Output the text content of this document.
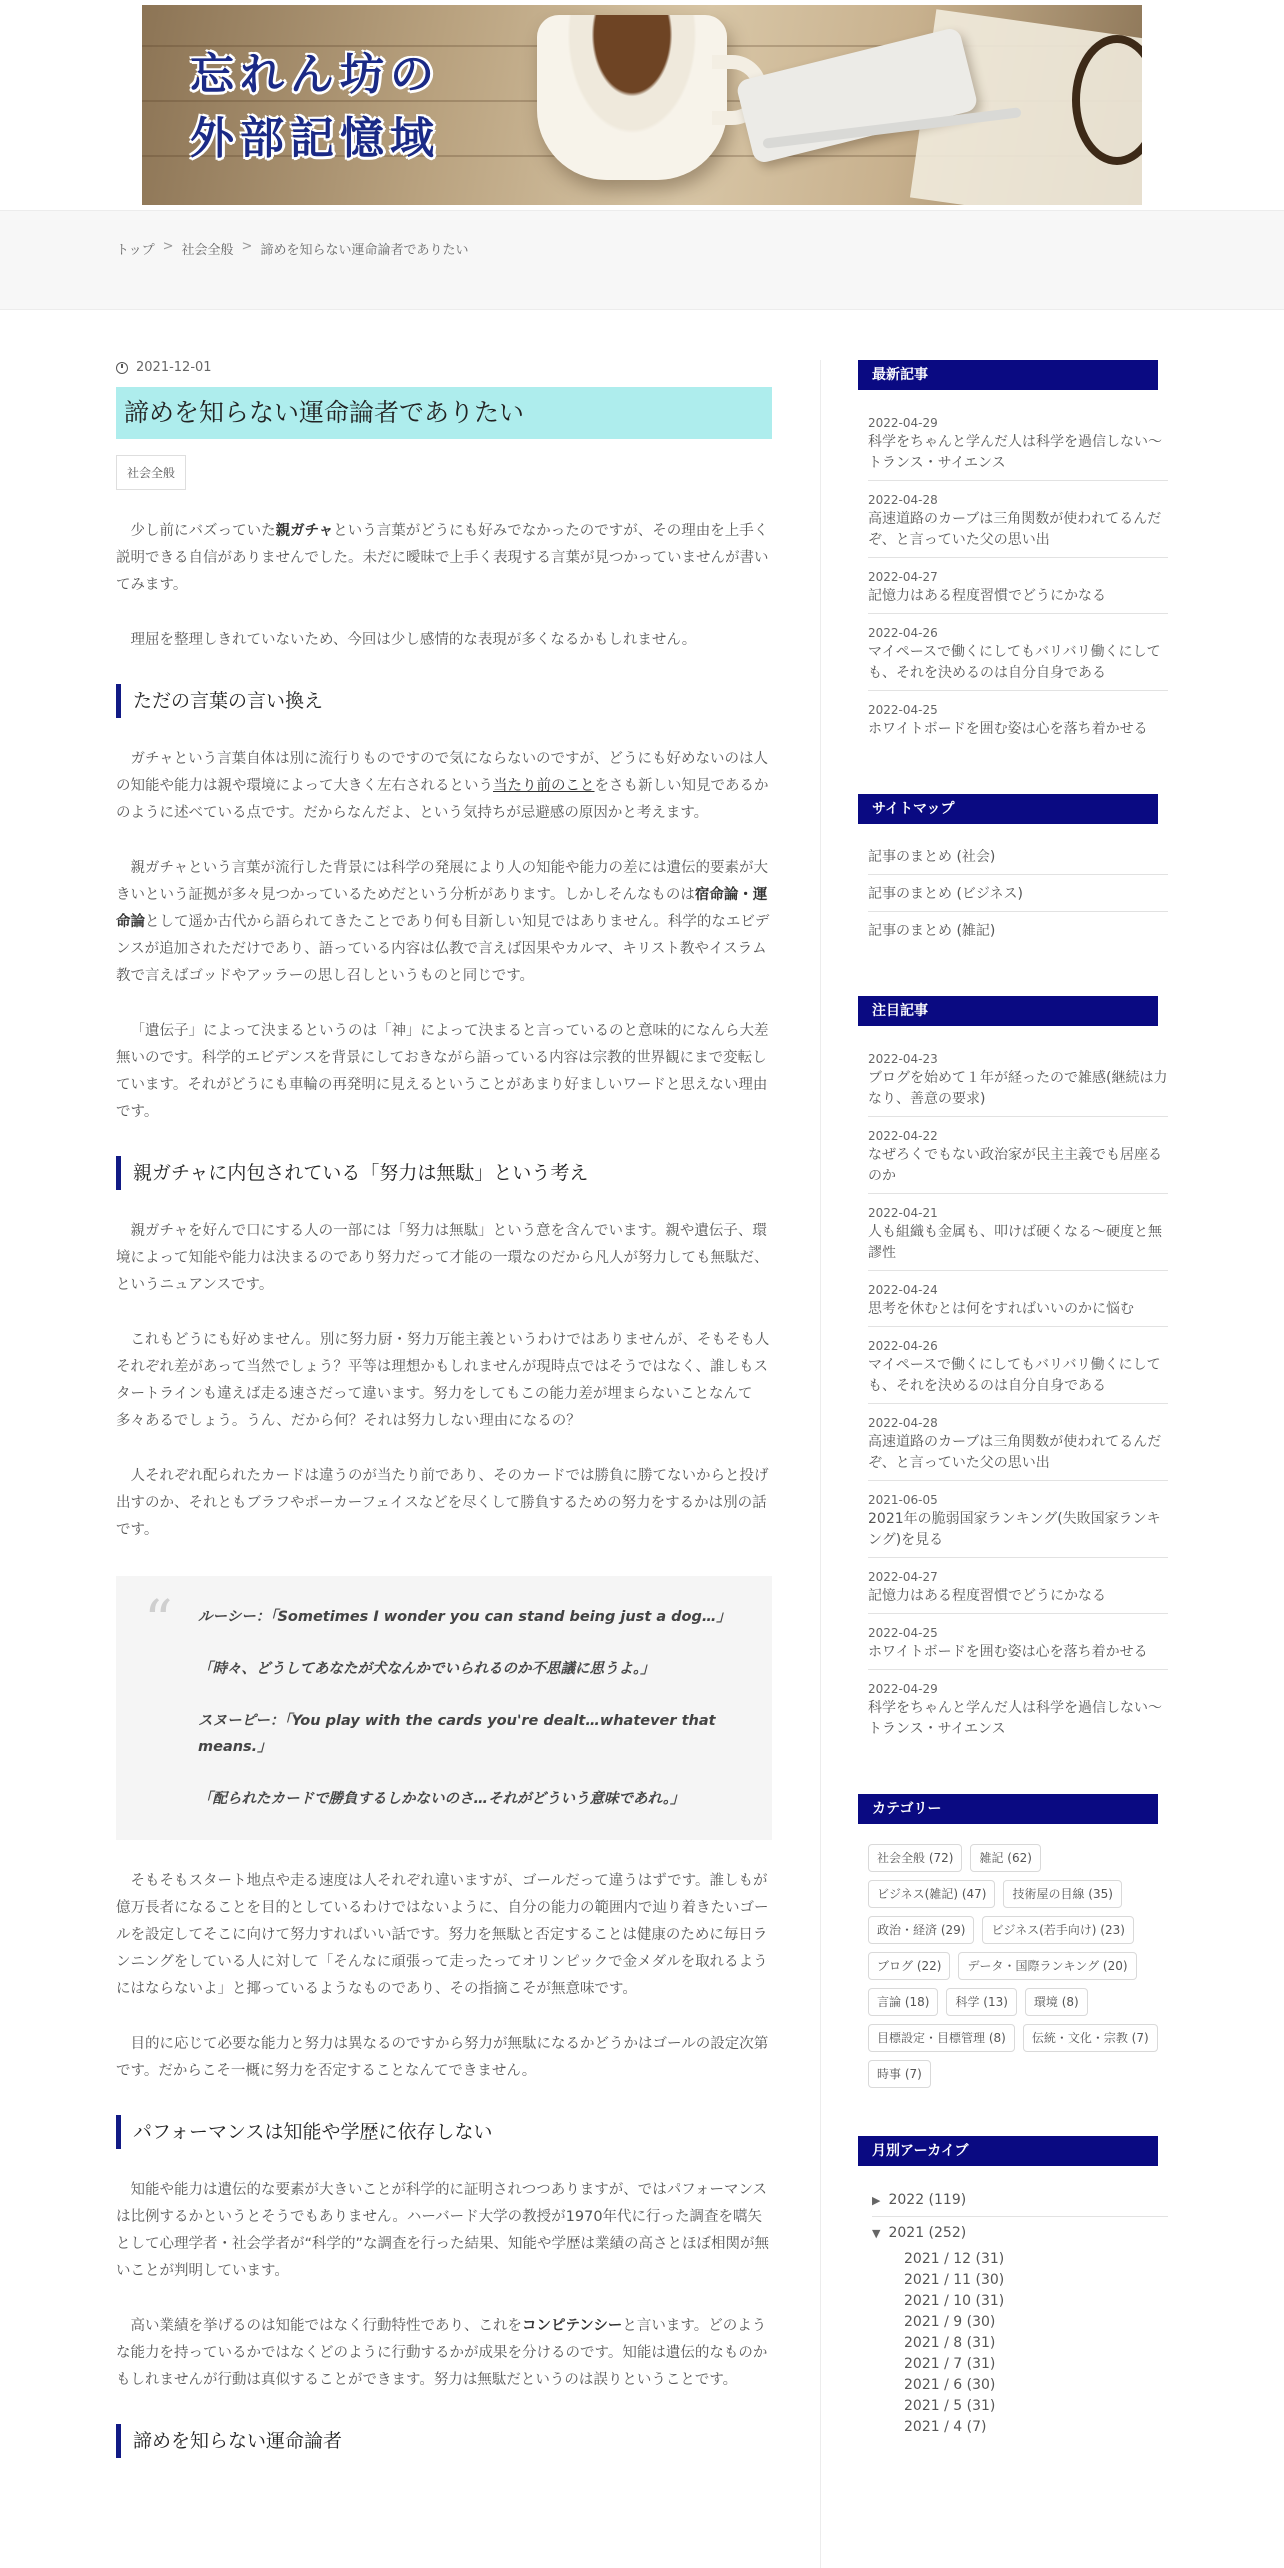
忘れん坊の
外部記憶域
トップ > 社会全般 > 諦めを知らない運命論者でありたい
2021-12-01
諦めを知らない運命論者でありたい
社会全般

少し前にバズっていた親ガチャという言葉がどうにも好みでなかったのですが、その理由を上手く説明できる自信がありませんでした。未だに曖昧で上手く表現する言葉が見つかっていませんが書いてみます。

理屈を整理しきれていないため、今回は少し感情的な表現が多くなるかもしれません。

ただの言葉の言い換え

ガチャという言葉自体は別に流行りものですので気にならないのですが、どうにも好めないのは人の知能や能力は親や環境によって大きく左右されるという当たり前のことをさも新しい知見であるかのように述べている点です。だからなんだよ、という気持ちが忌避感の原因かと考えます。

親ガチャという言葉が流行した背景には科学の発展により人の知能や能力の差には遺伝的要素が大きいという証拠が多々見つかっているためだという分析があります。しかしそんなものは宿命論・運命論として遥か古代から語られてきたことであり何も目新しい知見ではありません。科学的なエビデンスが追加されただけであり、語っている内容は仏教で言えば因果やカルマ、キリスト教やイスラム教で言えばゴッドやアッラーの思し召しというものと同じです。

「遺伝子」によって決まるというのは「神」によって決まると言っているのと意味的になんら大差無いのです。科学的エビデンスを背景にしておきながら語っている内容は宗教的世界観にまで変転しています。それがどうにも車輪の再発明に見えるということがあまり好ましいワードと思えない理由です。

親ガチャに内包されている「努力は無駄」という考え

親ガチャを好んで口にする人の一部には「努力は無駄」という意を含んでいます。親や遺伝子、環境によって知能や能力は決まるのであり努力だって才能の一環なのだから凡人が努力しても無駄だ、というニュアンスです。

これもどうにも好めません。別に努力厨・努力万能主義というわけではありませんが、そもそも人それぞれ差があって当然でしょう？平等は理想かもしれませんが現時点ではそうではなく、誰しもスタートラインも違えば走る速さだって違います。努力をしてもこの能力差が埋まらないことなんて多々あるでしょう。うん、だから何？それは努力しない理由になるの？

人それぞれ配られたカードは違うのが当たり前であり、そのカードでは勝負に勝てないからと投げ出すのか、それともブラフやポーカーフェイスなどを尽くして勝負するための努力をするかは別の話です。

“ ルーシー：「Sometimes I wonder you can stand being just a dog…」

「時々、どうしてあなたが犬なんかでいられるのか不思議に思うよ。」

スヌーピー：「You play with the cards you're dealt…whatever that means.」

「配られたカードで勝負するしかないのさ…それがどういう意味であれ。」

そもそもスタート地点や走る速度は人それぞれ違いますが、ゴールだって違うはずです。誰しもが億万長者になることを目的としているわけではないように、自分の能力の範囲内で辿り着きたいゴールを設定してそこに向けて努力すればいい話です。努力を無駄と否定することは健康のために毎日ランニングをしている人に対して「そんなに頑張って走ったってオリンピックで金メダルを取れるようにはならないよ」と揶っているようなものであり、その指摘こそが無意味です。

目的に応じて必要な能力と努力は異なるのですから努力が無駄になるかどうかはゴールの設定次第です。だからこそ一概に努力を否定することなんてできません。

パフォーマンスは知能や学歴に依存しない

知能や能力は遺伝的な要素が大きいことが科学的に証明されつつありますが、ではパフォーマンスは比例するかというとそうでもありません。ハーバード大学の教授が1970年代に行った調査を嚆矢として心理学者・社会学者が“科学的”な調査を行った結果、知能や学歴は業績の高さとほぼ相関が無いことが判明しています。

高い業績を挙げるのは知能ではなく行動特性であり、これをコンピテンシーと言います。どのような能力を持っているかではなくどのように行動するかが成果を分けるのです。知能は遺伝的なものかもしれませんが行動は真似することができます。努力は無駄だというのは誤りということです。

諦めを知らない運命論者
最新記事
2022-04-29
科学をちゃんと学んだ人は科学を過信しない～トランス・サイエンス
2022-04-28
高速道路のカーブは三角関数が使われてるんだぞ、と言っていた父の思い出
2022-04-27
記憶力はある程度習慣でどうにかなる
2022-04-26
マイペースで働くにしてもバリバリ働くにしても、それを決めるのは自分自身である
2022-04-25
ホワイトボードを囲む姿は心を落ち着かせる
サイトマップ
記事のまとめ (社会)
記事のまとめ (ビジネス)
記事のまとめ (雑記)
注目記事
2022-04-23
ブログを始めて１年が経ったので雑感(継続は力なり、善意の要求)
2022-04-22
なぜろくでもない政治家が民主主義でも居座るのか
2022-04-21
人も組織も金属も、叩けば硬くなる～硬度と無謬性
2022-04-24
思考を休むとは何をすればいいのかに悩む
2022-04-26
マイペースで働くにしてもバリバリ働くにしても、それを決めるのは自分自身である
2022-04-28
高速道路のカーブは三角関数が使われてるんだぞ、と言っていた父の思い出
2021-06-05
2021年の脆弱国家ランキング(失敗国家ランキング)を見る
2022-04-27
記憶力はある程度習慣でどうにかなる
2022-04-25
ホワイトボードを囲む姿は心を落ち着かせる
2022-04-29
科学をちゃんと学んだ人は科学を過信しない～トランス・サイエンス
カテゴリー
社会全般 (72)	雑記 (62)
ビジネス(雑記) (47)	技術屋の目線 (35)
政治・経済 (29)	ビジネス(若手向け) (23)
ブログ (22)	データ・国際ランキング (20)
言論 (18)	科学 (13)	環境 (8)
目標設定・目標管理 (8)	伝統・文化・宗教 (7)
時事 (7)
月別アーカイブ
▶ 2022 (119)
▼ 2021 (252)
2021 / 12 (31)
2021 / 11 (30)
2021 / 10 (31)
2021 / 9 (30)
2021 / 8 (31)
2021 / 7 (31)
2021 / 6 (30)
2021 / 5 (31)
2021 / 4 (7)
